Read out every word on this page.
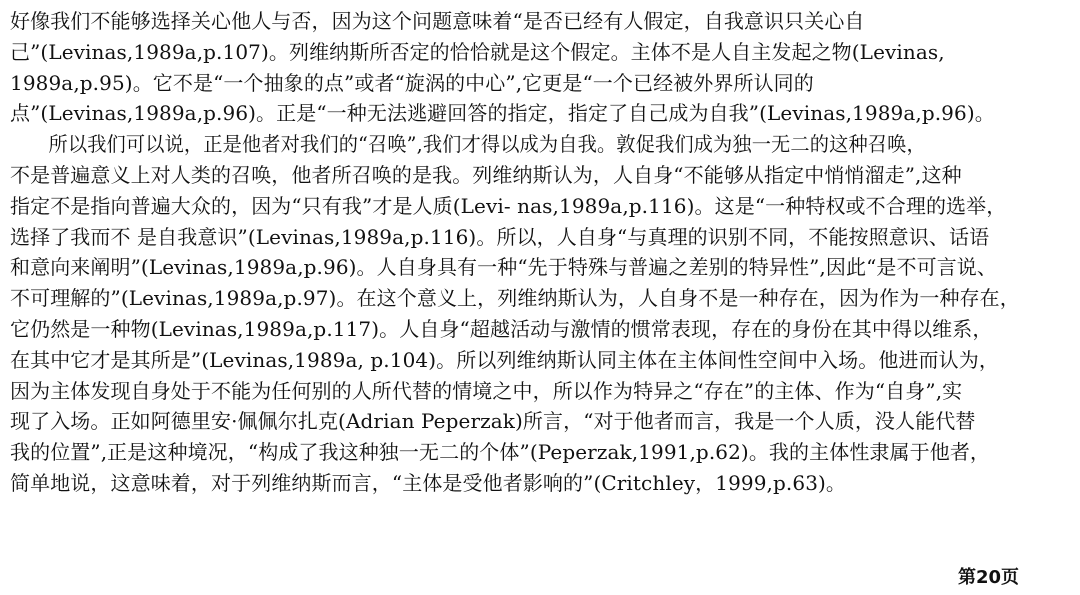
好像我们不能够选择关心他人与否，因为这个问题意味着“是否已经有人假定，自我意识只关心自
己”(Levinas,1989a,p.107)。列维纳斯所否定的恰恰就是这个假定。主体不是人自主发起之物(Levinas,
1989a,p.95)。它不是“一个抽象的点”或者“旋涡的中心”,它更是“一个已经被外界所认同的
点”(Levinas,1989a,p.96)。正是“一种无法逃避回答的指定，指定了自己成为自我”(Levinas,1989a,p.96)。
所以我们可以说，正是他者对我们的“召唤”,我们才得以成为自我。敦促我们成为独一无二的这种召唤，
不是普遍意义上对人类的召唤，他者所召唤的是我。列维纳斯认为，人自身“不能够从指定中悄悄溜走”,这种
指定不是指向普遍大众的，因为“只有我”才是人质(Levi- nas,1989a,p.116)。这是“一种特权或不合理的选举，
选择了我而不 是自我意识”(Levinas,1989a,p.116)。所以，人自身“与真理的识别不同，不能按照意识、话语
和意向来阐明”(Levinas,1989a,p.96)。人自身具有一种“先于特殊与普遍之差别的特异性”,因此“是不可言说、
不可理解的”(Levinas,1989a,p.97)。在这个意义上，列维纳斯认为，人自身不是一种存在，因为作为一种存在，
它仍然是一种物(Levinas,1989a,p.117)。人自身“超越活动与激情的惯常表现，存在的身份在其中得以维系，
在其中它才是其所是”(Levinas,1989a, p.104)。所以列维纳斯认同主体在主体间性空间中入场。他进而认为，
因为主体发现自身处于不能为任何别的人所代替的情境之中，所以作为特异之“存在”的主体、作为“自身”,实
现了入场。正如阿德里安·佩佩尔扎克(Adrian Peperzak)所言，“对于他者而言，我是一个人质，没人能代替
我的位置”,正是这种境况，“构成了我这种独一无二的个体”(Peperzak,1991,p.62)。我的主体性隶属于他者，
简单地说，这意味着，对于列维纳斯而言，“主体是受他者影响的”(Critchley，1999,p.63)。
第20页
